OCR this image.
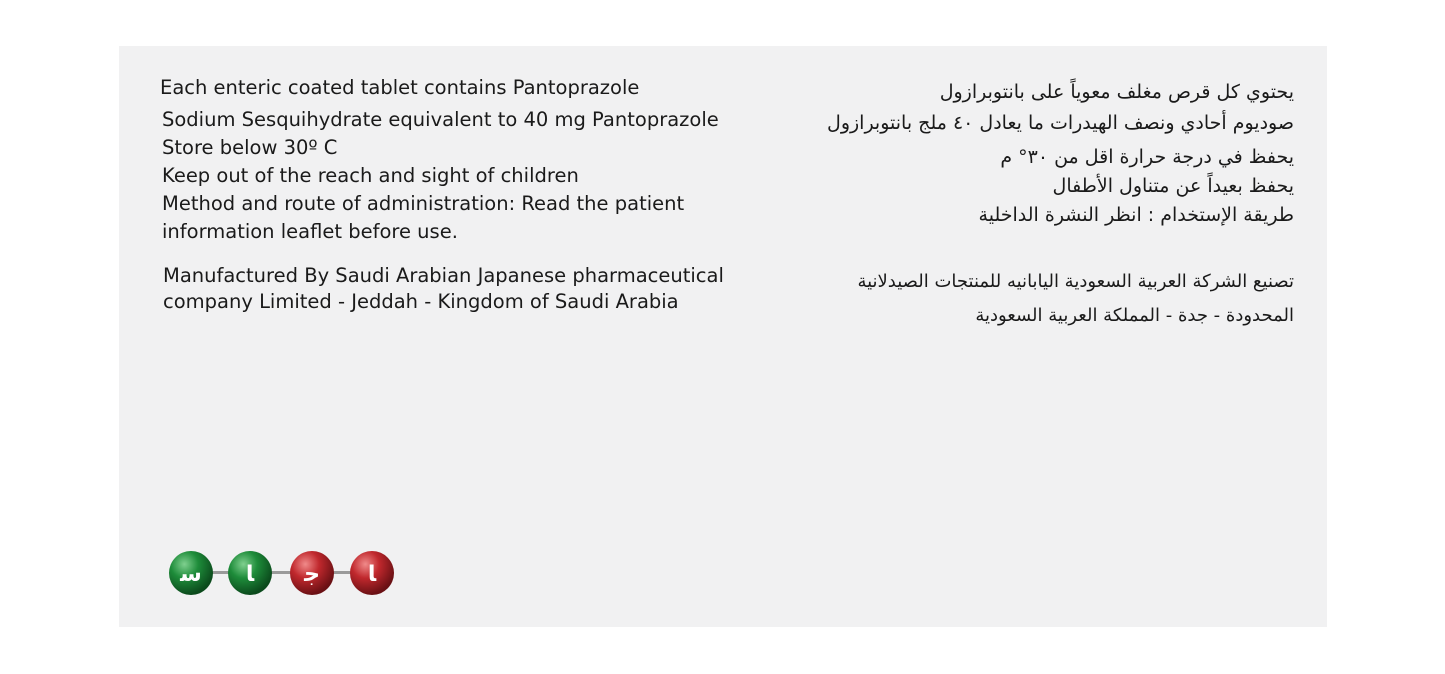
Each enteric coated tablet contains Pantoprazole
Sodium Sesquihydrate equivalent to 40 mg Pantoprazole
Store below 30º C
Keep out of the reach and sight of children
Method and route of administration: Read the patient
information leaflet before use.
Manufactured By Saudi Arabian Japanese pharmaceutical
company Limited - Jeddah - Kingdom of Saudi Arabia
يحتوي كل قرص مغلف معوياً على بانتوبرازول
صوديوم أحادي ونصف الهيدرات ما يعادل ٤٠ ملج بانتوبرازول
يحفظ في درجة حرارة اقل من ٣٠° م
يحفظ بعيداً عن متناول الأطفال
طريقة الإستخدام : انظر النشرة الداخلية
تصنيع الشركة العربية السعودية اليابانيه للمنتجات الصيدلانية
المحدودة - جدة - المملكة العربية السعودية
ﺳ ﺎ ﺟ ﺎ
